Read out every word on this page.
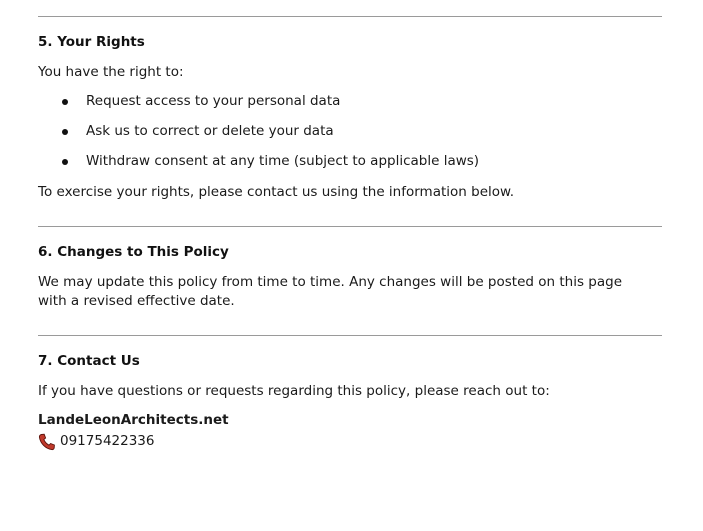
5. Your Rights
You have the right to:
Request access to your personal data
Ask us to correct or delete your data
Withdraw consent at any time (subject to applicable laws)
To exercise your rights, please contact us using the information below.
6. Changes to This Policy
We may update this policy from time to time. Any changes will be posted on this page with a revised effective date.
7. Contact Us
If you have questions or requests regarding this policy, please reach out to:
LandeLeonArchitects.net
09175422336
